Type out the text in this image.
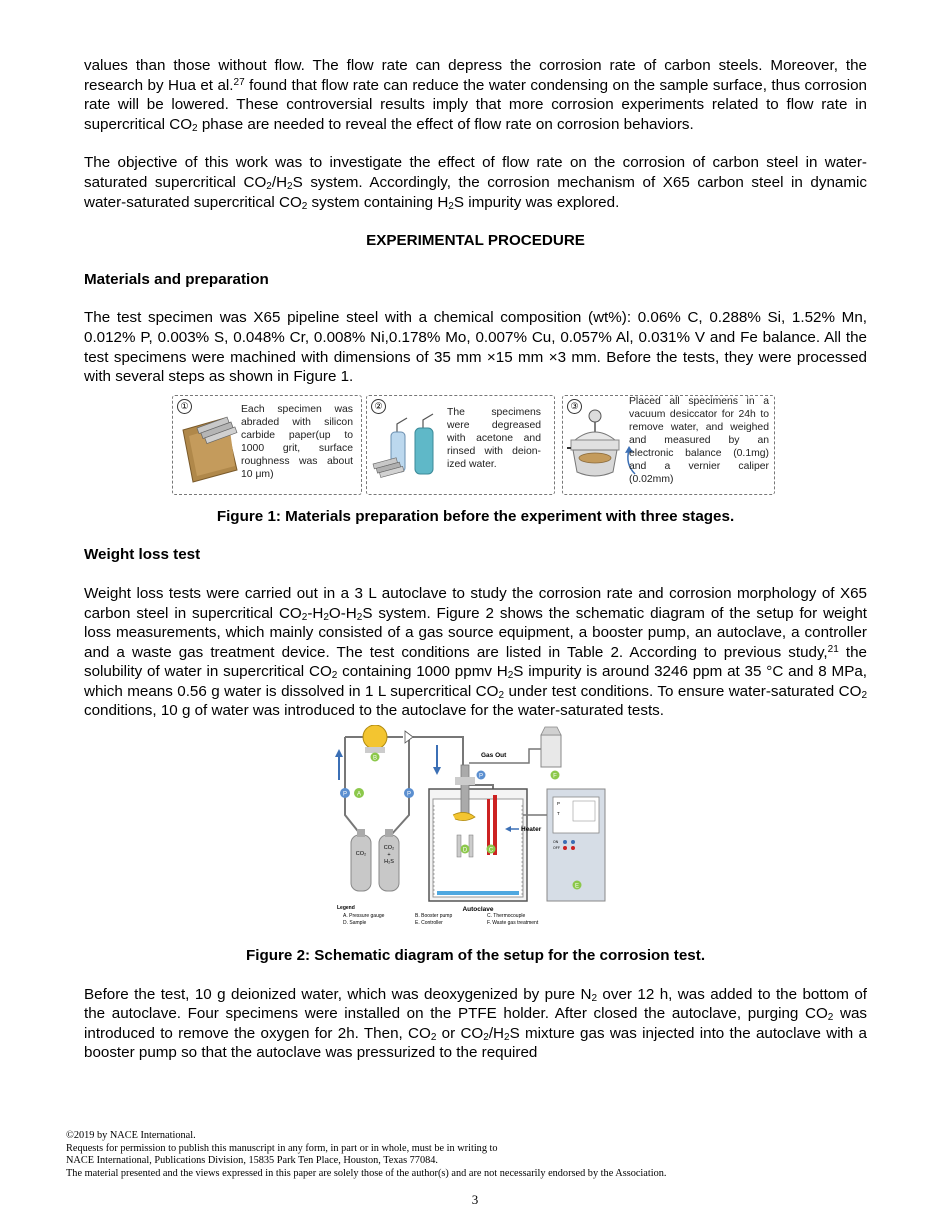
values than those without flow. The flow rate can depress the corrosion rate of carbon steels. Moreover, the research by Hua et al.$^{27}$ found that flow rate can reduce the water condensing on the sample surface, thus corrosion rate will be lowered. These controversial results imply that more corrosion experiments related to flow rate in supercritical $CO_2$ phase are needed to reveal the effect of flow rate on corrosion behaviors.

The objective of this work was to investigate the effect of flow rate on the corrosion of carbon steel in water-saturated supercritical $CO_2/H_2S$ system. Accordingly, the corrosion mechanism of X65 carbon steel in dynamic water-saturated supercritical $CO_2$ system containing $H_2S$ impurity was explored.

EXPERIMENTAL PROCEDURE
Materials and preparation

The test specimen was X65 pipeline steel with a chemical composition (wt%): 0.06% C, 0.288% Si, 1.52% Mn, 0.012% P, 0.003% S, 0.048% Cr, 0.008% Ni,0.178% Mo, 0.007% Cu, 0.057% Al, 0.031% V and Fe balance. All the test specimens were machined with dimensions of 35 mm ×15 mm ×3 mm. Before the tests, they were processed with several steps as shown in Figure 1.

①	Each specimen was abraded with silicon carbide paper(up to 1000 grit, surface roughness was about 10 μm)
②
The specimens were degreased with acetone and rinsed with deion-ized water.
③	Placed all specimens in a vacuum desiccator for 24h to remove water, and weighed and measured by an electronic balance (0.1mg) and a vernier caliper (0.02mm)
Figure 1: Materials preparation before the experiment with three stages.
Weight loss test

Weight loss tests were carried out in a 3 L autoclave to study the corrosion rate and corrosion morphology of X65 carbon steel in supercritical $CO_2-H_2O-H_2S$ system. Figure 2 shows the schematic diagram of the setup for weight loss measurements, which mainly consisted of a gas source equipment, a booster pump, an autoclave, a controller and a waste gas treatment device. The test conditions are listed in Table 2. According to previous study,$^{21}$ the solubility of water in supercritical $CO_2$ containing 1000 ppmv $H_2S$ impurity is around 3246 ppm at 35 °C and 8 MPa, which means 0.56 g water is dissolved in 1 L supercritical $CO_2$ under test conditions. To ensure water-saturated $CO_2$ conditions, 10 g of water was introduced to the autoclave for the water-saturated tests.

B
P A	P
CO₂
CO₂
+
H₂S
D	C
P
Heater
Gas Out
F
P
T
ON
OFF
E
Autoclave
Legend
A. Pressure gauge	B. Booster pump	C. Thermocouple
D. Sample	E. Controller	F. Waste gas treatment
Figure 2: Schematic diagram of the setup for the corrosion test.

Before the test, 10 g deionized water, which was deoxygenized by pure $N_2$ over 12 h, was added to the bottom of the autoclave. Four specimens were installed on the PTFE holder. After closed the autoclave, purging $CO_2$ was introduced to remove the oxygen for 2h. Then, $CO_2$ or $CO_2/H_2S$ mixture gas was injected into the autoclave with a booster pump so that the autoclave was pressurized to the required

©2019 by NACE International.
Requests for permission to publish this manuscript in any form, in part or in whole, must be in writing to
NACE International, Publications Division, 15835 Park Ten Place, Houston, Texas 77084.
The material presented and the views expressed in this paper are solely those of the author(s) and are not necessarily endorsed by the Association.
3
